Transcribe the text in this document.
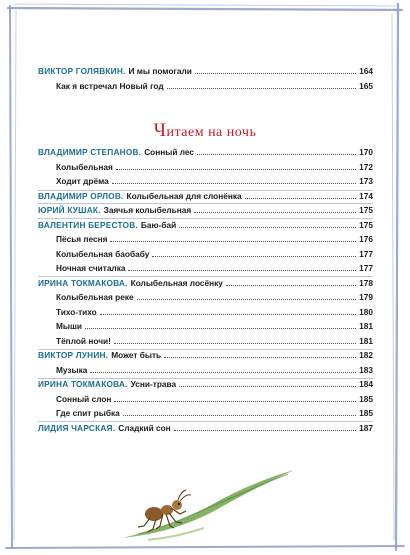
ВИКТОР ГОЛЯВКИН. И мы помогали	164
Как я встречал Новый год	165
Читаем на ночь
ВЛАДИМИР СТЕПАНОВ. Сонный лес	170
Колыбельная	172
Ходит дрёма	173
ВЛАДИМИР ОРЛОВ. Колыбельная для слонёнка	174
ЮРИЙ КУШАК. Заячья колыбельная	175
ВАЛЕНТИН БЕРЕСТОВ. Баю-бай	175
Пёсья песня	176
Колыбельная баобабу	177
Ночная считалка	177
ИРИНА ТОКМАКОВА. Колыбельная лосёнку	178
Колыбельная реке	179
Тихо-тихо	180
Мыши	181
Тёплой ночи!	181
ВИКТОР ЛУНИН. Может быть	182
Музыка	183
ИРИНА ТОКМАКОВА. Усни-трава	184
Сонный слон	185
Где спит рыбка	185
ЛИДИЯ ЧАРСКАЯ. Сладкий сон	187
